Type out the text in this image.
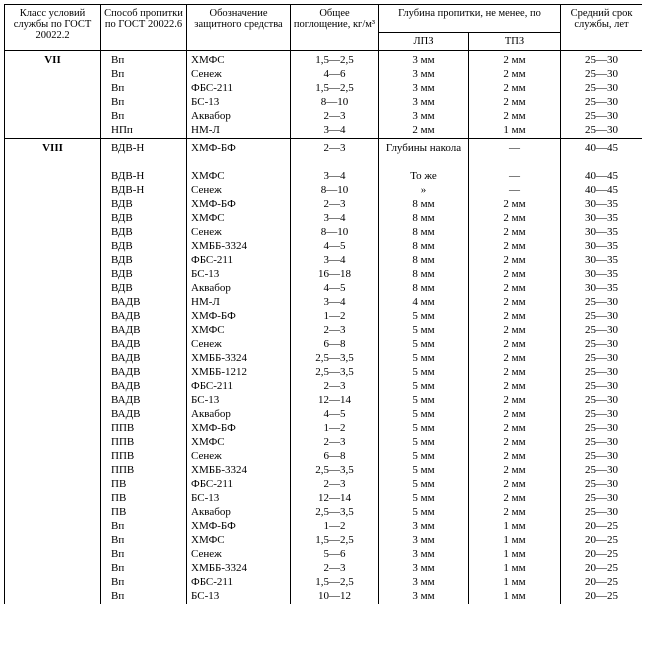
Класс условий службы по ГОСТ 20022.2	Способ пропитки по ГОСТ 20022.6	Обозначение защитного средства	Общее поглощение, кг/м³	Глубина пропитки, не менее, по		Средний срок службы, лет
				ЛПЗ	ТПЗ	
VII	Вп	ХМФС	1,5—2,5	3 мм	2 мм	25—30
	Вп	Сенеж	4—6	3 мм	2 мм	25—30
	Вп	ФБС-211	1,5—2,5	3 мм	2 мм	25—30
	Вп	БС-13	8—10	3 мм	2 мм	25—30
	Вп	Аквабор	2—3	3 мм	2 мм	25—30
	НПп	НМ-Л	3—4	2 мм	1 мм	25—30
VIII	ВДВ-Н	ХМФ-БФ	2—3	Глубины накола	—	40—45
	ВДВ-Н	ХМФС	3—4	То же	—	40—45
	ВДВ-Н	Сенеж	8—10	»	—	40—45
	ВДВ	ХМФ-БФ	2—3	8 мм	2 мм	30—35
	ВДВ	ХМФС	3—4	8 мм	2 мм	30—35
	ВДВ	Сенеж	8—10	8 мм	2 мм	30—35
	ВДВ	ХМББ-3324	4—5	8 мм	2 мм	30—35
	ВДВ	ФБС-211	3—4	8 мм	2 мм	30—35
	ВДВ	БС-13	16—18	8 мм	2 мм	30—35
	ВДВ	Аквабор	4—5	8 мм	2 мм	30—35
	ВАДВ	НМ-Л	3—4	4 мм	2 мм	25—30
	ВАДВ	ХМФ-БФ	1—2	5 мм	2 мм	25—30
	ВАДВ	ХМФС	2—3	5 мм	2 мм	25—30
	ВАДВ	Сенеж	6—8	5 мм	2 мм	25—30
	ВАДВ	ХМББ-3324	2,5—3,5	5 мм	2 мм	25—30
	ВАДВ	ХМББ-1212	2,5—3,5	5 мм	2 мм	25—30
	ВАДВ	ФБС-211	2—3	5 мм	2 мм	25—30
	ВАДВ	БС-13	12—14	5 мм	2 мм	25—30
	ВАДВ	Аквабор	4—5	5 мм	2 мм	25—30
	ППВ	ХМФ-БФ	1—2	5 мм	2 мм	25—30
	ППВ	ХМФС	2—3	5 мм	2 мм	25—30
	ППВ	Сенеж	6—8	5 мм	2 мм	25—30
	ППВ	ХМББ-3324	2,5—3,5	5 мм	2 мм	25—30
	ПВ	ФБС-211	2—3	5 мм	2 мм	25—30
	ПВ	БС-13	12—14	5 мм	2 мм	25—30
	ПВ	Аквабор	2,5—3,5	5 мм	2 мм	25—30
	Вп	ХМФ-БФ	1—2	3 мм	1 мм	20—25
	Вп	ХМФС	1,5—2,5	3 мм	1 мм	20—25
	Вп	Сенеж	5—6	3 мм	1 мм	20—25
	Вп	ХМББ-3324	2—3	3 мм	1 мм	20—25
	Вп	ФБС-211	1,5—2,5	3 мм	1 мм	20—25
	Вп	БС-13	10—12	3 мм	1 мм	20—25
